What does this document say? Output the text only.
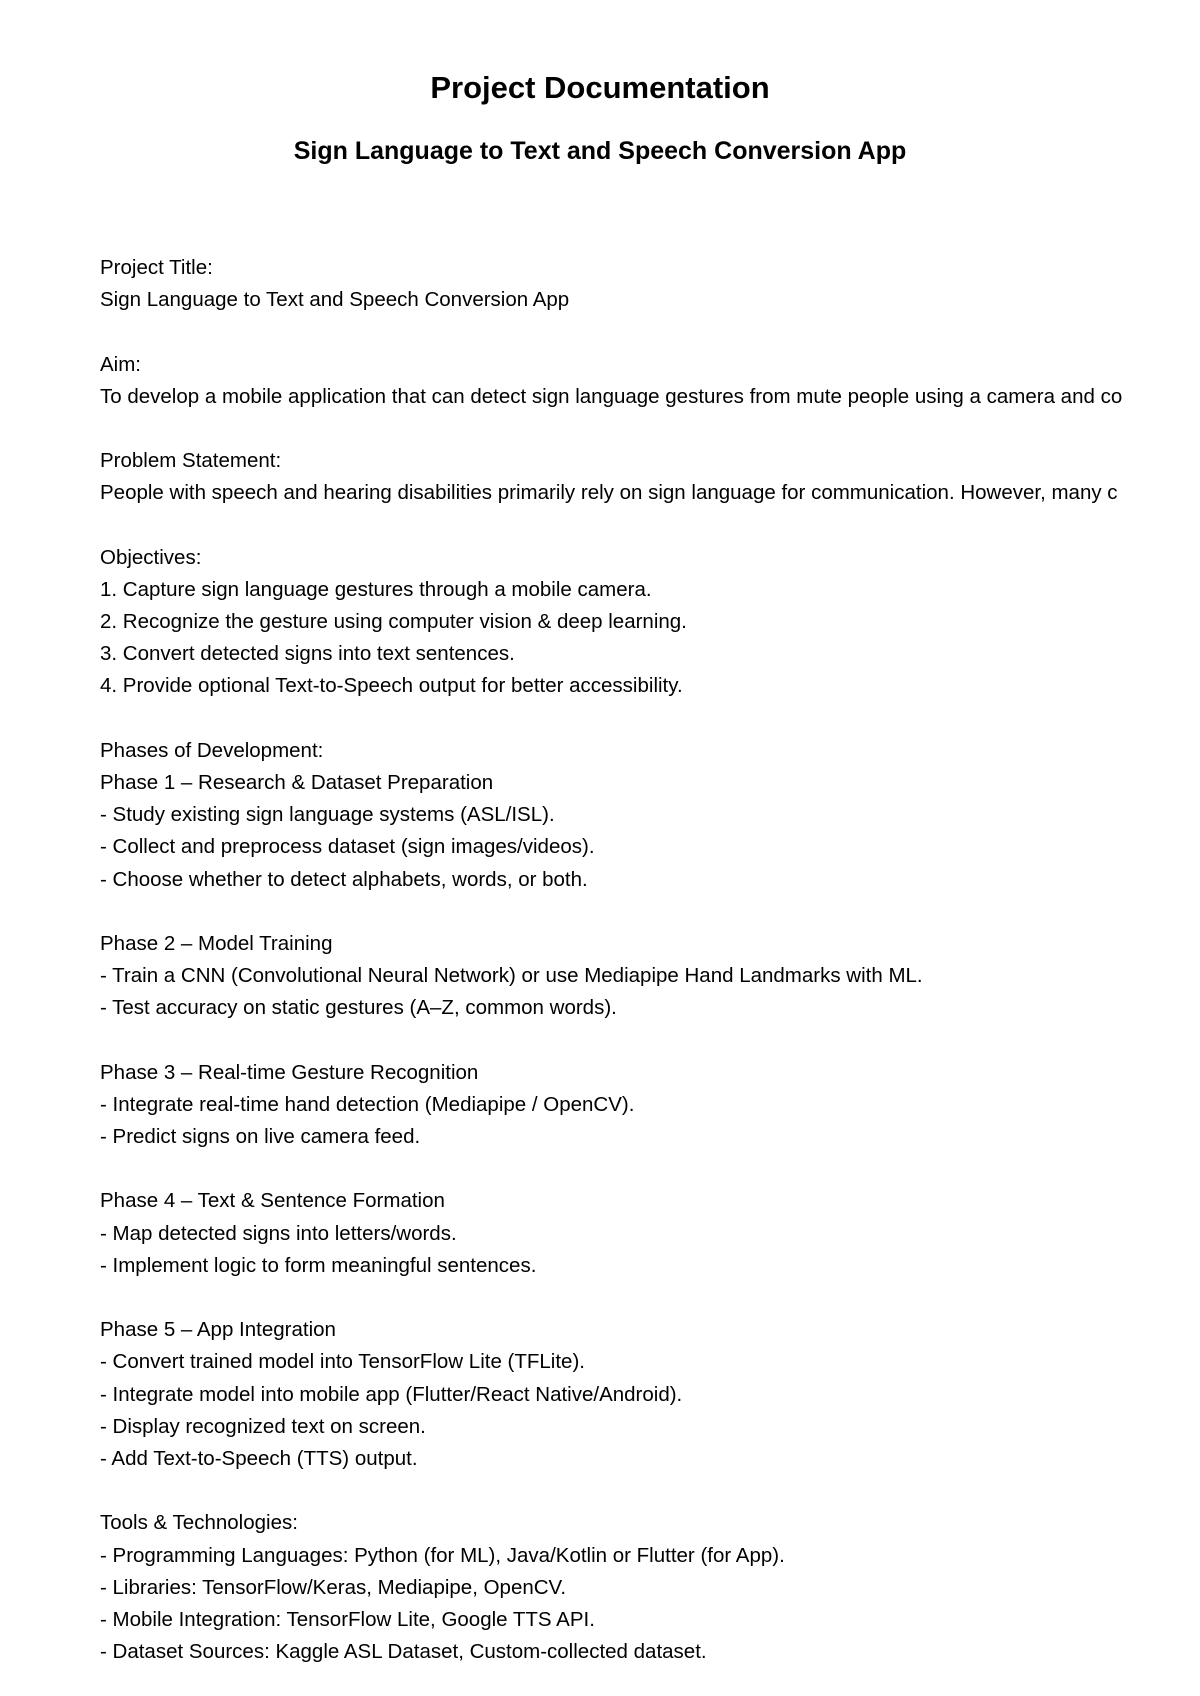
Project Documentation
Sign Language to Text and Speech Conversion App
Project Title:
Sign Language to Text and Speech Conversion App
Aim:
To develop a mobile application that can detect sign language gestures from mute people using a camera and co
Problem Statement:
People with speech and hearing disabilities primarily rely on sign language for communication. However, many c
Objectives:
1. Capture sign language gestures through a mobile camera.
2. Recognize the gesture using computer vision & deep learning.
3. Convert detected signs into text sentences.
4. Provide optional Text-to-Speech output for better accessibility.
Phases of Development:
Phase 1 – Research & Dataset Preparation
- Study existing sign language systems (ASL/ISL).
- Collect and preprocess dataset (sign images/videos).
- Choose whether to detect alphabets, words, or both.
Phase 2 – Model Training
- Train a CNN (Convolutional Neural Network) or use Mediapipe Hand Landmarks with ML.
- Test accuracy on static gestures (A–Z, common words).
Phase 3 – Real-time Gesture Recognition
- Integrate real-time hand detection (Mediapipe / OpenCV).
- Predict signs on live camera feed.
Phase 4 – Text & Sentence Formation
- Map detected signs into letters/words.
- Implement logic to form meaningful sentences.
Phase 5 – App Integration
- Convert trained model into TensorFlow Lite (TFLite).
- Integrate model into mobile app (Flutter/React Native/Android).
- Display recognized text on screen.
- Add Text-to-Speech (TTS) output.
Tools & Technologies:
- Programming Languages: Python (for ML), Java/Kotlin or Flutter (for App).
- Libraries: TensorFlow/Keras, Mediapipe, OpenCV.
- Mobile Integration: TensorFlow Lite, Google TTS API.
- Dataset Sources: Kaggle ASL Dataset, Custom-collected dataset.
